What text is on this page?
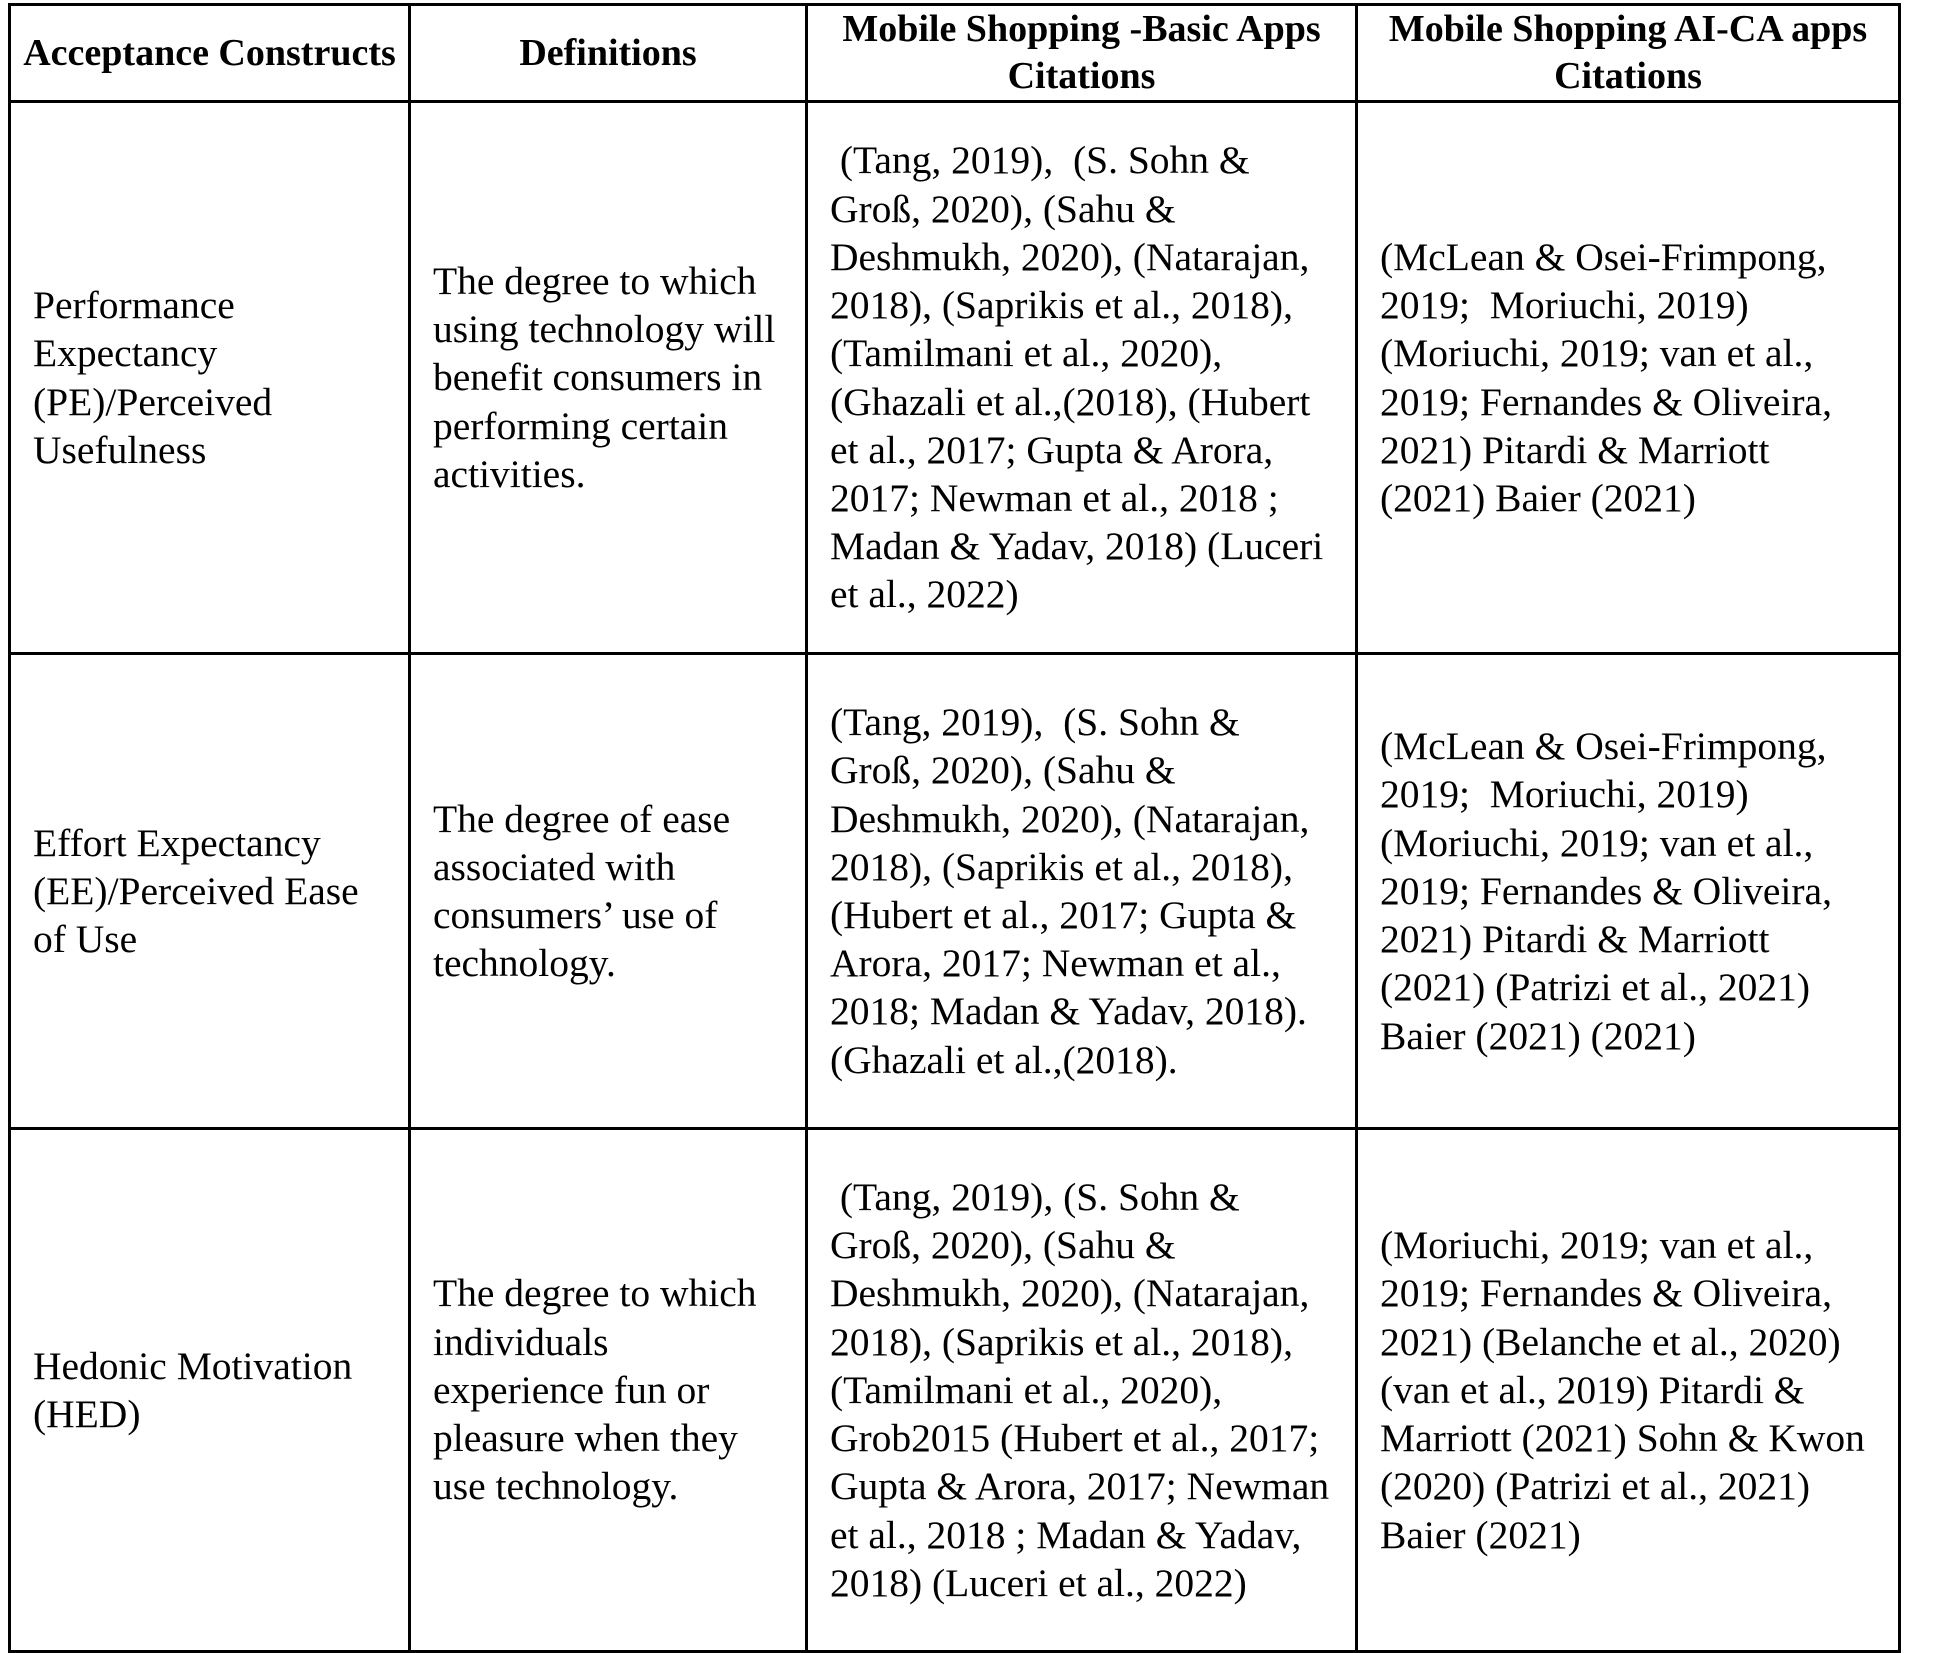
Acceptance Constructs	Definitions	Mobile Shopping -Basic Apps Citations	Mobile Shopping AI-CA apps Citations
Performance Expectancy (PE)/Perceived Usefulness	The degree to which using technology will benefit consumers in performing certain activities.	(Tang, 2019),  (S. Sohn & Groß, 2020), (Sahu & Deshmukh, 2020), (Natarajan, 2018), (Saprikis et al., 2018), (Tamilmani et al., 2020), (Ghazali et al.,(2018), (Hubert et al., 2017; Gupta & Arora, 2017; Newman et al., 2018 ; Madan & Yadav, 2018) (Luceri et al., 2022)	(McLean & Osei-Frimpong, 2019;  Moriuchi, 2019) (Moriuchi, 2019; van et al., 2019; Fernandes & Oliveira, 2021) Pitardi & Marriott (2021) Baier (2021)
Effort Expectancy (EE)/Perceived Ease of Use	The degree of ease associated with consumers’ use of technology.	(Tang, 2019),  (S. Sohn & Groß, 2020), (Sahu & Deshmukh, 2020), (Natarajan, 2018), (Saprikis et al., 2018), (Hubert et al., 2017; Gupta & Arora, 2017; Newman et al., 2018; Madan & Yadav, 2018). (Ghazali et al.,(2018).	(McLean & Osei-Frimpong, 2019;  Moriuchi, 2019) (Moriuchi, 2019; van et al., 2019; Fernandes & Oliveira, 2021) Pitardi & Marriott (2021) (Patrizi et al., 2021) Baier (2021) (2021)
Hedonic Motivation (HED)	The degree to which individuals experience fun or pleasure when they use technology.	(Tang, 2019), (S. Sohn & Groß, 2020), (Sahu & Deshmukh, 2020), (Natarajan, 2018), (Saprikis et al., 2018), (Tamilmani et al., 2020), Grob2015 (Hubert et al., 2017; Gupta & Arora, 2017; Newman et al., 2018 ; Madan & Yadav, 2018) (Luceri et al., 2022)	(Moriuchi, 2019; van et al., 2019; Fernandes & Oliveira, 2021) (Belanche et al., 2020) (van et al., 2019) Pitardi & Marriott (2021) Sohn & Kwon (2020) (Patrizi et al., 2021) Baier (2021)
